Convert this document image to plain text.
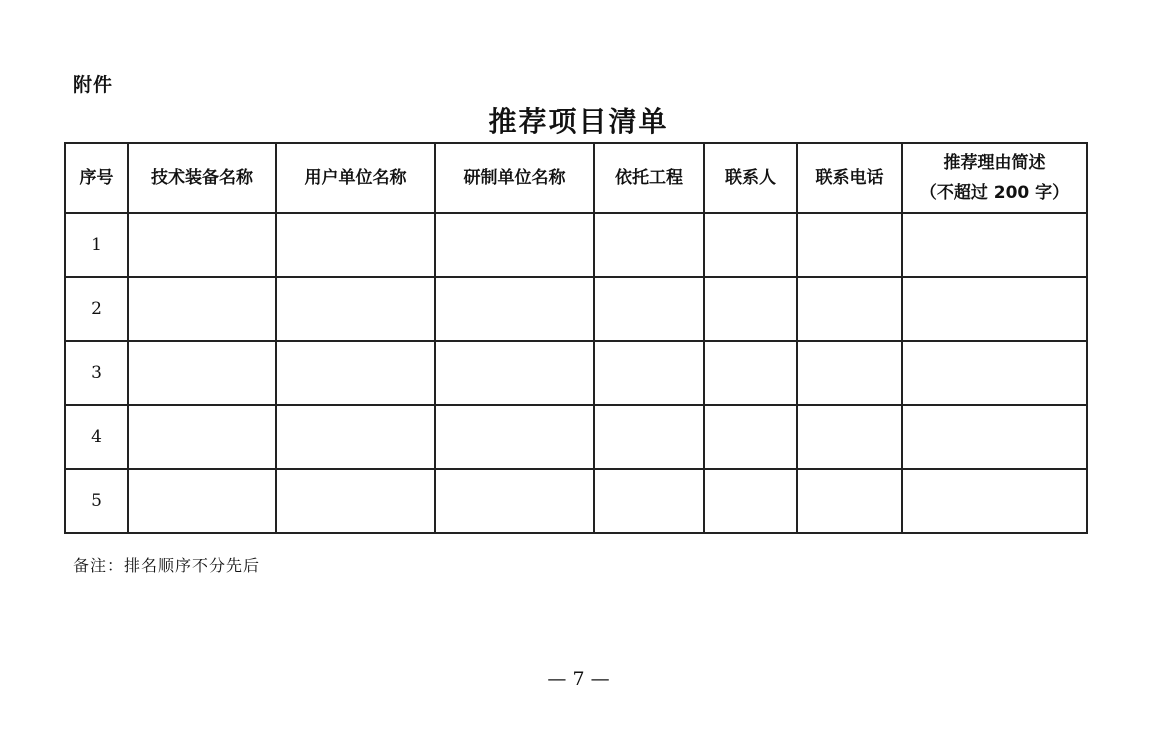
附件
推荐项目清单
序号	技术装备名称	用户单位名称	研制单位名称	依托工程	联系人	联系电话	推荐理由简述
（不超过 200 字）

1							
2							
3							
4							
5							
备注：排名顺序不分先后
— 7 —
